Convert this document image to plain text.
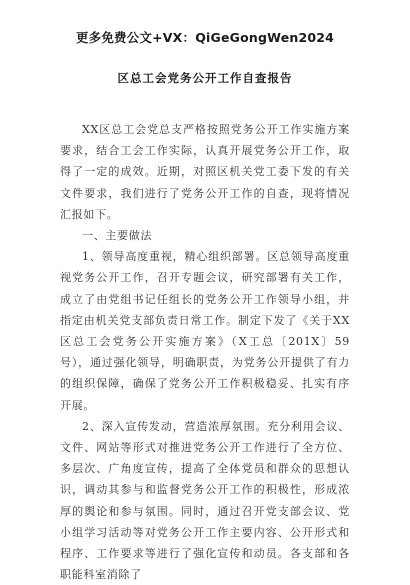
更多免费公文+VX：QiGeGongWen2024
区总工会党务公开工作自查报告

XX区总工会党总支严格按照党务公开工作实施方案要求，结合工会工作实际，认真开展党务公开工作，取得了一定的成效。近期，对照区机关党工委下发的有关文件要求，我们进行了党务公开工作的自查，现将情况汇报如下。

一、主要做法

1、领导高度重视，精心组织部署。区总领导高度重视党务公开工作，召开专题会议，研究部署有关工作，成立了由党组书记任组长的党务公开工作领导小组，并指定由机关党支部负责日常工作。制定下发了《关于XX区总工会党务公开实施方案》（X工总〔201X〕59号），通过强化领导，明确职责，为党务公开提供了有力的组织保障，确保了党务公开工作积极稳妥、扎实有序开展。

2、深入宣传发动，营造浓厚氛围。充分利用会议、文件、网站等形式对推进党务公开工作进行了全方位、多层次、广角度宣传，提高了全体党员和群众的思想认识，调动其参与和监督党务公开工作的积极性，形成浓厚的舆论和参与氛围。同时，通过召开党支部会议、党小组学习活动等对党务公开工作主要内容、公开形式和程序、工作要求等进行了强化宣传和动员。各支部和各职能科室消除了
